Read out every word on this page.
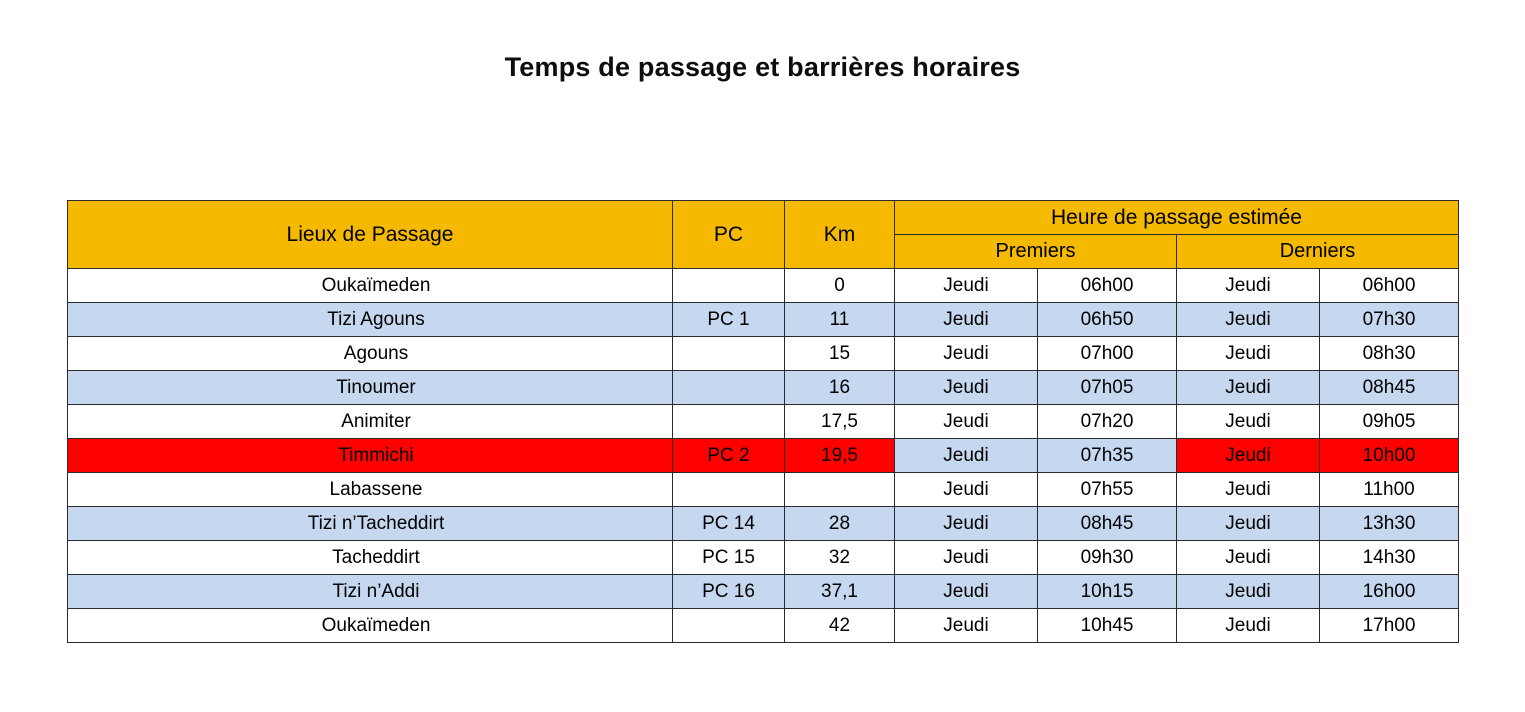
Temps de passage et barrières horaires
Lieux de Passage	PC	Km	Heure de passage estimée			
			Premiers		Derniers	
Oukaïmeden		0	Jeudi	06h00	Jeudi	06h00
Tizi Agouns	PC 1	11	Jeudi	06h50	Jeudi	07h30
Agouns		15	Jeudi	07h00	Jeudi	08h30
Tinoumer		16	Jeudi	07h05	Jeudi	08h45
Animiter		17,5	Jeudi	07h20	Jeudi	09h05
Timmichi	PC 2	19,5	Jeudi	07h35	Jeudi	10h00
Labassene			Jeudi	07h55	Jeudi	11h00
Tizi n’Tacheddirt	PC 14	28	Jeudi	08h45	Jeudi	13h30
Tacheddirt	PC 15	32	Jeudi	09h30	Jeudi	14h30
Tizi n’Addi	PC 16	37,1	Jeudi	10h15	Jeudi	16h00
Oukaïmeden		42	Jeudi	10h45	Jeudi	17h00
